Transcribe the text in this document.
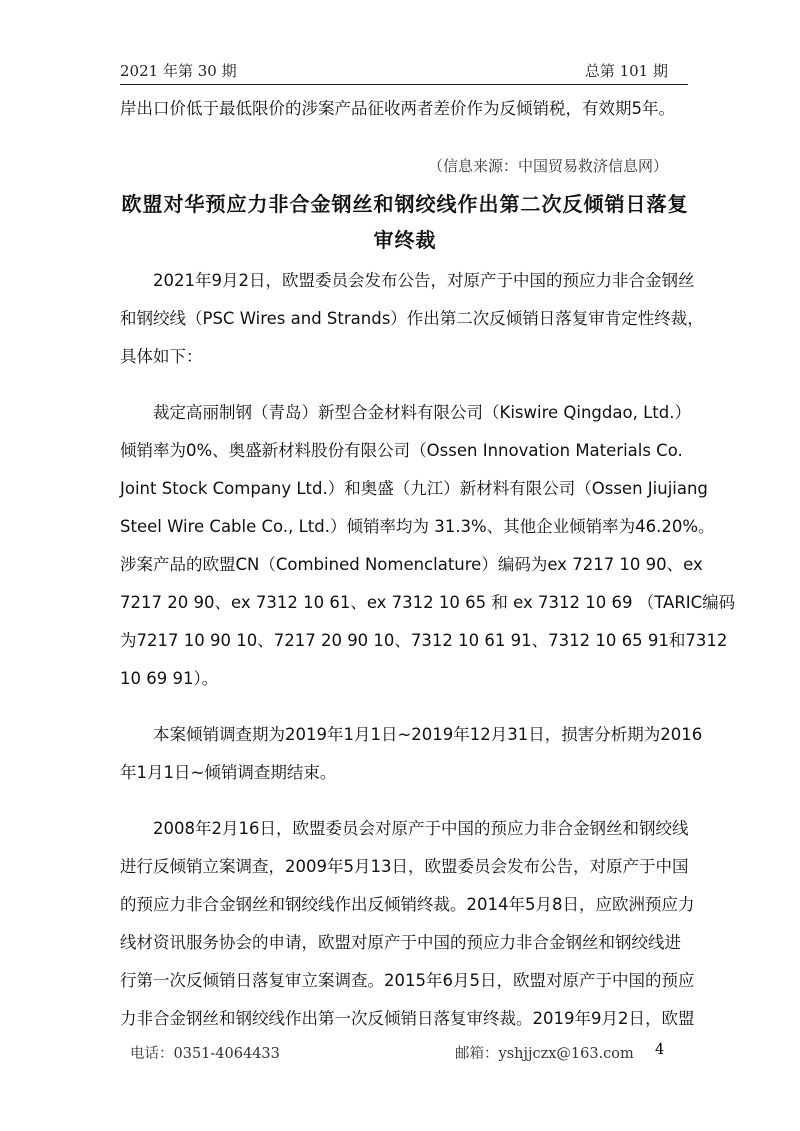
2021 年第 30 期	总第 101 期
岸出口价低于最低限价的涉案产品征收两者差价作为反倾销税，有效期5年。
（信息来源：中国贸易救济信息网）
欧盟对华预应力非合金钢丝和钢绞线作出第二次反倾销日落复
审终裁
　　2021年9月2日，欧盟委员会发布公告，对原产于中国的预应力非合金钢丝
和钢绞线（PSC Wires and Strands）作出第二次反倾销日落复审肯定性终裁，
具体如下：
　　裁定高丽制钢（青岛）新型合金材料有限公司（Kiswire Qingdao, Ltd.）
倾销率为0%、奥盛新材料股份有限公司（Ossen Innovation Materials Co.
Joint Stock Company Ltd.）和奥盛（九江）新材料有限公司（Ossen Jiujiang
Steel Wire Cable Co., Ltd.）倾销率均为 31.3%、其他企业倾销率为46.20%。
涉案产品的欧盟CN（Combined Nomenclature）编码为ex 7217 10 90、ex
7217 20 90、ex 7312 10 61、ex 7312 10 65 和 ex 7312 10 69 （TARIC编码
为7217 10 90 10、7217 20 90 10、7312 10 61 91、7312 10 65 91和7312
10 69 91）。
　　本案倾销调查期为2019年1月1日~2019年12月31日，损害分析期为2016
年1月1日~倾销调查期结束。
　　2008年2月16日，欧盟委员会对原产于中国的预应力非合金钢丝和钢绞线
进行反倾销立案调查，2009年5月13日，欧盟委员会发布公告，对原产于中国
的预应力非合金钢丝和钢绞线作出反倾销终裁。2014年5月8日，应欧洲预应力
线材资讯服务协会的申请，欧盟对原产于中国的预应力非合金钢丝和钢绞线进
行第一次反倾销日落复审立案调查。2015年6月5日，欧盟对原产于中国的预应
力非合金钢丝和钢绞线作出第一次反倾销日落复审终裁。2019年9月2日，欧盟
电话：0351-4064433	邮箱：yshjjczx@163.com 4
